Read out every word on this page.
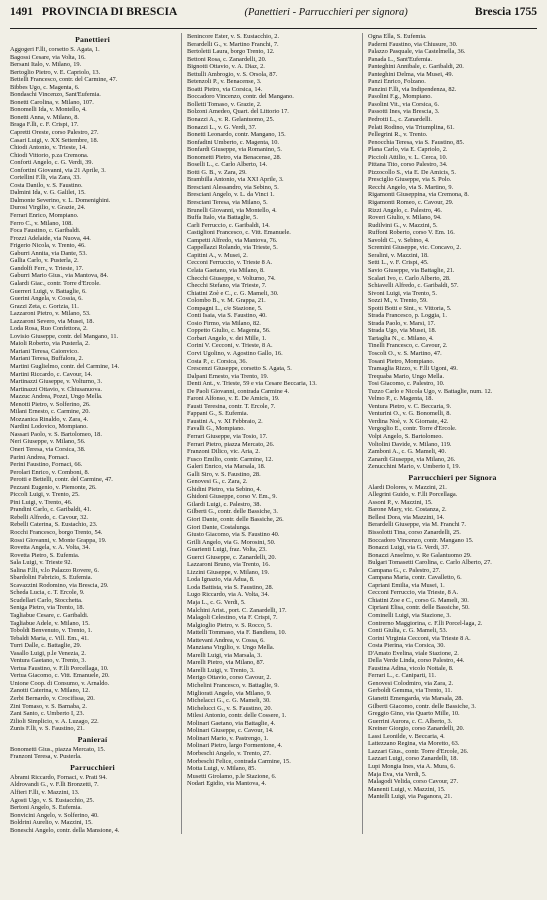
1491 PROVINCIA DI BRESCIA	(Panettieri - Parrucchieri per signora)	Brescia 1755
Panettieri
Aggogeri F.lli, corsetto S. Agata, 1.
Bagossi Cesare, via Volta, 16.
Bersani Italo, v. Milano, 19.
Bertoglio Pietro, v. E. Capriolo, 13.
Bettelli Francesco, contr. del Carmine, 47.
Bibbes Ugo, c. Magenta, 6.
Bondaschi Vincenzo, Sant'Eufemia.
Bonetti Carolina, v. Milano, 107.
Bonomelli Ida, v. Montello, 4.
Bonetti Anna, v. Milano, 8.
Braga F.lli, c. F. Crispi, 17.
Capretti Oreste, corso Palestro, 27.
Casari Luigi, v. XX Settembre, 18.
Chiodi Antonio, v. Trieste, 14.
Chiodi Vittorio, p.za Cremona.
Conforti Angelo, c. G. Verdi, 39.
Confortini Giovanni, via 21 Aprile, 3.
Cortellini F.lli, via Zara, 33.
Costa Danilo, v. S. Faustino.
Dalmini Ida, v. G. Galilei, 15.
Dalmonte Severino, v. L. Domenighini.
Durosi Virgilio, v. Grazie, 24.
Ferrari Enrico, Mompiano.
Ferro C., v. Milano, 108.
Foca Faustino, c. Garibaldi.
Frozzi Adelaide, via Nuova, 44.
Frigerio Nicola, v. Trento, 46.
Gaburri Annita, via Dante, 53.
Gallia Carlo, v. Pusterla, 2.
Gandolfi Ferr., v. Trieste, 17.
Gaburri Mario Gius., via Mantova, 84.
Galardi Giac., contr. Torre d'Ercole.
Guerreri Luigi, v. Battaglie, 6.
Guerini Angela, v. Cossia, 6.
Grazzi Zeta, c. Gorizia, 11.
Lazzaroni Pietro, v. Milano, 53.
Lazzaroni Severo, via Musei, 18.
Loda Rosa, Ruo Confettora, 2.
Lovisio Giuseppe, contr. del Mangano, 11.
Maioli Roberto, via Pusterla, 2.
Mariani Teresa, Caionvico.
Mariani Teresa, Buffalora, 2.
Martini Guglielmo, contr. del Carmine, 14.
Martini Riccardo, c. Cavour, 14.
Martinazzi Giuseppe, v. Volturno, 3.
Martinazzi Ottavio, v. Chiusanuova.
Mazzuc Andrea, Pozzi, Ungo Mella.
Menotti Pietro, v. Solferino, 26.
Milani Ernesto, c. Carmine, 20.
Mozzanica Rinaldo, v. Zara, 4.
Nardini Lodovico, Mompiano.
Nassari Paolo, v. S. Bartolomeo, 18.
Neri Giuseppe, v. Milano, 56.
Oneri Teresa, via Corsica, 38.
Parini Andrea, Fornaci.
Perini Faustino, Fornaci, 66.
Perolari Enrico, v. Comboni, 8.
Perotti e Bettelli, contr. del Carmine, 47.
Pezzani Eugenio, v. Piemonte, 26.
Piccoli Luigi, v. Trento, 25.
Pini Luigi, v. Trento, 46.
Prandini Carlo, c. Garibaldi, 41.
Rebelli Alfredo, c. Cavour, 32.
Rebelli Caterina, S. Eustachio, 23.
Rocchi Francesco, borgo Trento, 54.
Rossi Giovanni, v. Monte Grappa, 19.
Rovetta Angela, v. A. Volta, 34.
Rovetta Pietro, S. Eufemia.
Sala Luigi, v. Trieste 92.
Salina F.lli, v.lo Palazzo Rovere, 6.
Sbardolini Fabrizio, S. Eufemia.
Scavazzini Rodomino, via Brescia, 29.
Scheda Lucia, c. T. Ercole, 9.
Scudellari Carlo, Stocchetta.
Seniga Pietro, via Trento, 18.
Tagliabue Cesare, c. Garibaldi.
Tagliabue Adele, v. Milano, 15.
Toboldi Benvenuto, v. Trento, 1.
Tebaldi Maria, c. Vill. Em., 41.
Turri Dalle, c. Battaglie, 29.
Vasallo Luigi, p.le Venezia, 2.
Ventura Gaetano, v. Trento, 3.
Vertua Faustino, v. F.lli Porcellaga, 10.
Vertua Giacomo, c. Vitt. Emanuele, 20.
Unione Coop. di Consumo, v. Arnaldo.
Zanotti Caterina, v. Milano, 12.
Zerbi Bernardo, v. Crocifissa, 20.
Zini Tomaso, v. S. Barnaba, 2.
Zani Santo, c. Umberto I, 23.
Zilioli Simplicio, v. A. Luzago, 22.
Zunis F.lli, v. S. Faustino, 21.
Panieraí
Bonometti Gius., piazza Mercato, 15.
Franzoni Teresa, v. Pusterla.
Parrucchieri
Abrami Riccardo, Fornaci, v. Prati 94.
Aldrovandi G., v. F.lli Bronzetti, 7.
Alfieri F.lli, v. Mazzini, 13.
Agosti Ugo, v. S. Eustacchio, 25.
Bertoni Angelo, S. Eufemia.
Bonvicini Angelo, v. Solferino, 40.
Boldrini Aurelio, v. Mazzini, 15.
Boneschi Angelo, contr. della Mansione, 4.
Benincore Ester, v. S. Eustacchio, 2.
Berardelli G., v. Martino Franchi, 7.
Bertoletti Laura, borgo Trento, 12.
Bettoni Rosa, c. Zanardelli, 20.
Bignotti Ottavio, v. A. Diaz, 2.
Bettulli Ambrogio, v. S. Orsola, 87.
Betenzoli P., v. Benacense, 3.
Boatti Pietro, via Corsica, 14.
Boccadoro Vincenzo, contr. del Mangano.
Bolletti Tomaso, v. Grazie, 2.
Bolzoni Amedeo, Quart. del Littorio 17.
Bonazzi A., v. R. Gelantuomo, 25.
Bonazzi L., v. G. Verdi, 37.
Bonetti Leonardo, contr. Mangano, 15.
Bonfadini Umberto, c. Magenta, 10.
Bonfardi Giuseppe, via Romanino, 5.
Bonometti Pietro, via Benacense, 28.
Boselli L., c. Carlo Alberto, 14.
Botti G. B., v. Zara, 29.
Brambilla Antonio, via XXI Aprile, 3.
Bresciani Alessandro, via Sebino, 5.
Bresciani Angelo, v. L. da Vinci 1.
Bresciani Teresa, via Milano, 5.
Brunelli Giovanni, via Montello, 4.
Buffa Italo, via Battaglie, 5.
Carli Ferruccio, c. Garibaldi, 14.
Castiglioni Francesco, c. Vitt. Emanuele.
Campetti Alfredo, via Mantova, 76.
Cappellazzi Rolando, via Trieste, 5.
Capitini A., v. Musei, 2.
Cecconi Ferruccio, v. Trieste 8 A.
Celata Gaetano, via Milano, 8.
Checchi Giuseppe, v. Volturno, 74.
Checchi Stefano, via Trieste, 7.
Chiatini Zoè e C., c. G. Mameli, 30.
Colombo B., v. M. Grappa, 21.
Compagni L., c/e Stazione, 5.
Conti Isaia, via S. Faustino, 40.
Cosio Firmo, via Milano, 82.
Coppetto Giulio, c. Magenta, 56.
Corbari Angelo, v. dei Mille, 1.
Corini V. Cecconi, v. Trieste, 8 A.
Corvi Ugolino, v. Agostino Gallo, 16.
Costa P., c. Corsica, 36.
Crescenzi Giuseppe, corsetto S. Agata, 5.
Dalpani Ernesto, via Trento, 19.
Denti Ant., v. Trieste, 59 e via Cesare Beccaria, 13.
De Paoli Giovanni, contrada Carmine 4.
Faroni Alfonso, v. E. De Amicis, 19.
Fausti Teresina, contr. T. Ercole, 7.
Fappani G., S. Eufemia.
Faustini A., v. XI Febbraio, 2.
Favalli G., Mompiano.
Ferrari Giuseppe, via Tosio, 17.
Ferrari Pietro, piazza Mercato, 26.
Franzoni Dilico, vic. Aria, 2.
Fusco Emilio, contr. Carmine, 12.
Galeri Enrico, via Marsala, 18.
Galli Siro, v. S. Faustino, 28.
Genovesi G., c. Zara, 2.
Ghidini Pietro, via Sebino, 4.
Ghidoni Giuseppe, corso V. Em., 9.
Gilardi Luigi, c. Palestro, 38.
Gilberti G., contr. delle Bassiche, 3.
Giori Dante, contr. delle Bassiche, 26.
Giori Dante, Costalunga.
Giusto Giacomo, via S. Faustino 40.
Grilli Angelo, via G. Morosini, 50.
Guarienti Luigi, fraz. Volta, 23.
Guerci Giuseppe, c. Zanardelli, 20.
Lazzaroni Bruno, via Trento, 16.
Lizzini Giuseppe, v. Milano, 19.
Loda Ignazio, via Adua, 8.
Loda Battista, via S. Faustino, 28.
Lugo Riccardo, via A. Volta, 34.
Maja L., c. G. Verdi, 5.
Malchini Arist., port. C. Zanardelli, 17.
Malagoli Celestino, via F. Crispi, 7.
Malgioglio Pietro, v. S. Rocco, 5.
Mattelli Tommaso, via F. Bandiera, 10.
Mattevani Andrea, v. Cossa, 6.
Manziana Virgilio, v. Ungo Mella.
Marelli Luigi, via Marsala, 3.
Marelli Pietro, via Milano, 87.
Marelli Luigi, v. Trento, 3.
Merigo Ottavio, corso Cavour, 2.
Michelini Francesco, v. Battaglie, 9.
Migliorati Angelo, via Milano, 9.
Michelacci G., c. G. Mameli, 30.
Michelucci G., v. S. Faustino, 20.
Milesi Antonio, contr. delle Cossere, 1.
Molinari Gaetano, via Battaglie, 4.
Molinari Giuseppe, c. Cavour, 14.
Molinari Mario, v. Pastrengo, 1.
Molinari Pietro, largo Formentone, 4.
Morbeschi Angelo, v. Trento, 27.
Morbeschi Felice, contrada Carmine, 15.
Motta Luigi, v. Milano, 85.
Musetti Girolamo, p.le Stazione, 6.
Nodari Egidio, via Mantova, 4.
Ogna Ella, S. Eufemia.
Paderni Faustino, via Chiusure, 30.
Palazzo Pasquale, via Castelmella, 36.
Panada L., Sant'Eufemia.
Panteghini Annibale, c. Garibaldi, 20.
Panteghini Delma, via Musei, 49.
Panzi Enrico, Folzano.
Panzini F.lli, via Indipendenza, 82.
Pasolini F.g., Mompiano.
Pasolini Vit., via Corsica, 6.
Passotti Ines, via Brescia, 3.
Pedrotti L., c. Zanardelli.
Pelati Rodino, via Triumplina, 61.
Pellegrini R., v. Trento.
Penocchia Teresa, via S. Faustino, 85.
Plana Carlo, via E. Capriolo, 2.
Piccioli Attilio, v. L. Cerca, 10.
Pittana Tito, corso Palestro, 34.
Pizzocollo S., via E. De Amicis, 5.
Presciglio Giuseppe, via S. Polo.
Recchi Angelo, via S. Martino, 9.
Rigamonti Giuseppina, via Cremona, 8.
Rigamonti Romeo, c. Cavour, 29.
Rizzi Angelo, c. Palestro, 46.
Roveri Giulio, v. Milano, 94.
Rudilvini G., v. Mazzini, 5.
Ruffoni Roberto, corso V. Em. 16.
Savoldi C., v. Sebino, 4.
Scremini Giuseppe, vic. Concavo, 2.
Seralini, v. Mazzini, 18.
Setti L., v. F. Crispi, 45.
Savio Giuseppe, via Battaglie, 21.
Scalari Ivo, c. Carlo Alberto, 28.
Schiavelli Alfredo, c. Garibaldi, 57.
Sivoni Luigi, via Trento, 5.
Sozzi M., v. Trento, 59.
Spotti Botti e Sint., v. Vittoria, 5.
Strada Francesco, p. Loggia, 1.
Strada Paolo, v. Marsi, 17.
Strada Ugo, via Musei, 18.
Tartaglia N., c. Milano, 4.
Tinelli Francesco, c. Cavour, 2.
Toscoli O., v. S. Martino, 47.
Tosani Pietro, Mompiano.
Tramaglia Rizzo, v. F.lli Ugoni, 49.
Trequaba Mario, Ungo Mella.
Tosi Giacomo, c. Palestro, 10.
Tuzzo Carlo e Nicola Ugo, v. Battaglie, num. 12.
Velmo P., c. Magenta, 18.
Ventura Pietro, v. C. Beccaria, 9.
Venturini O., v. G. Bonomelli, 8.
Verdina Noè, v. X Giornate, 42.
Vergoglio E., contr. Torre d'Ercole.
Volpi Angelo, S. Bartolomeo.
Voltolini Davide, v. Milano, 119.
Zamboni A., c. G. Mameli, 40.
Zanardi Giuseppe, via Milano, 26.
Zenucchini Mario, v. Umberto I, 19.
Parrucchieri per Signora
Alardi Dolores, v. Mazzini, 21.
Allegrini Guido, v. F.lli Porcellaga.
Assoni P., v. Mazzini, 15.
Barone Mary, vic. Costanza, 2.
Bellesi Dora, via Mazzini, 14.
Berardelli Giuseppe, via M. Franchi 7.
Bissolotti Tina, corso Zanardelli, 25.
Boccadoro Vincenzo, contr. Mangano 15.
Bonazzi Luigi, via G. Verdi, 37.
Bonazzi Anselmo, v. Re Galantuomo 29.
Bulgari Tomasetti Carolina, c. Carlo Alberto, 27.
Campana G., c. Palestro, 27.
Campana Maria, contr. Cavalletto, 6.
Capriani Emilia, via Musei, 1.
Cecconi Ferruccio, via Trieste, 8 A.
Chiatini Zoe e C., corso G. Mameli, 30.
Cipriani Elisa, contr. delle Bassiche, 50.
Cominelli Luigi, via Stazione, 3.
Contrerno Maggiorina, c. F.lli Porcel-laga, 2.
Conti Giulia, c. G. Mameli, 53.
Corini Virginia Cecconi, via Trieste 8 A.
Costa Pierina, via Corsica, 30.
D'Amato Evelina, viale Stazione, 2.
Della Verde Linda, corso Palestro, 44.
Faustina Adina, vicolo Nottale, 8.
Ferrari L., c. Caniparti, 11.
Genovesi Colodmiro, via Zara, 2.
Gerboldi Gemma, via Trento, 11.
Gianetti Emengarda, via Marsala, 28.
Gilberti Giacomo, contr. delle Bassiche, 3.
Greggio Gino, via Quarto Mille, 10.
Guerrini Aurora, c. C. Alberto, 3.
Kreiner Giorgio, corso Zanardelli, 20.
Lassi Leonilde, v. Beccaria, 4.
Lattezzano Regina, via Moretto, 63.
Lazzari Gius., contr. Torre d'Ercole, 26.
Lazzari Luigi, corso Zanardelli, 18.
Lupi Mongia Ines, via A. Mura, 6.
Maja Eva, via Verdi, 5.
Malagodi Velida, corso Cavour, 27.
Manenti Luigi, v. Mazzini, 15.
Mantelli Luigi, via Paganora, 21.
